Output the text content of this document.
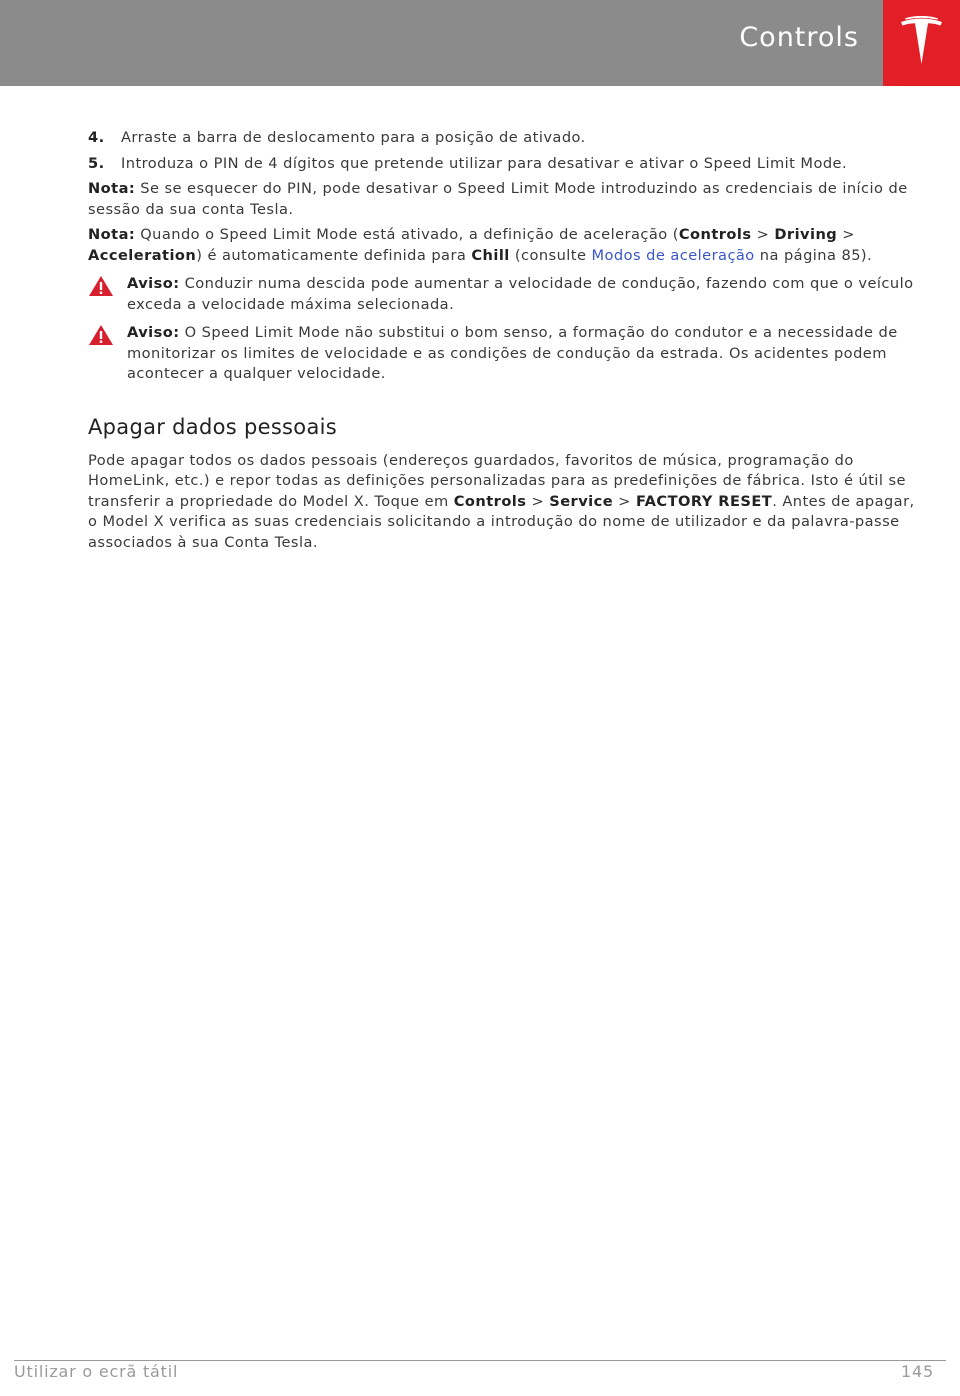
Controls
4.	Arraste a barra de deslocamento para a posição de ativado.
5.	Introduza o PIN de 4 dígitos que pretende utilizar para desativar e ativar o Speed Limit Mode.

Nota: Se se esquecer do PIN, pode desativar o Speed Limit Mode introduzindo as credenciais de início de sessão da sua conta Tesla.

Nota: Quando o Speed Limit Mode está ativado, a definição de aceleração (Controls > Driving > Acceleration) é automaticamente definida para Chill (consulte Modos de aceleração na página 85).

Aviso: Conduzir numa descida pode aumentar a velocidade de condução, fazendo com que o veículo exceda a velocidade máxima selecionada.
Aviso: O Speed Limit Mode não substitui o bom senso, a formação do condutor e a necessidade de monitorizar os limites de velocidade e as condições de condução da estrada. Os acidentes podem acontecer a qualquer velocidade.
Apagar dados pessoais

Pode apagar todos os dados pessoais (endereços guardados, favoritos de música, programação do HomeLink, etc.) e repor todas as definições personalizadas para as predefinições de fábrica. Isto é útil se transferir a propriedade do Model X. Toque em Controls > Service > FACTORY RESET. Antes de apagar, o Model X verifica as suas credenciais solicitando a introdução do nome de utilizador e da palavra-passe associados à sua Conta Tesla.

Utilizar o ecrã tátil	145
